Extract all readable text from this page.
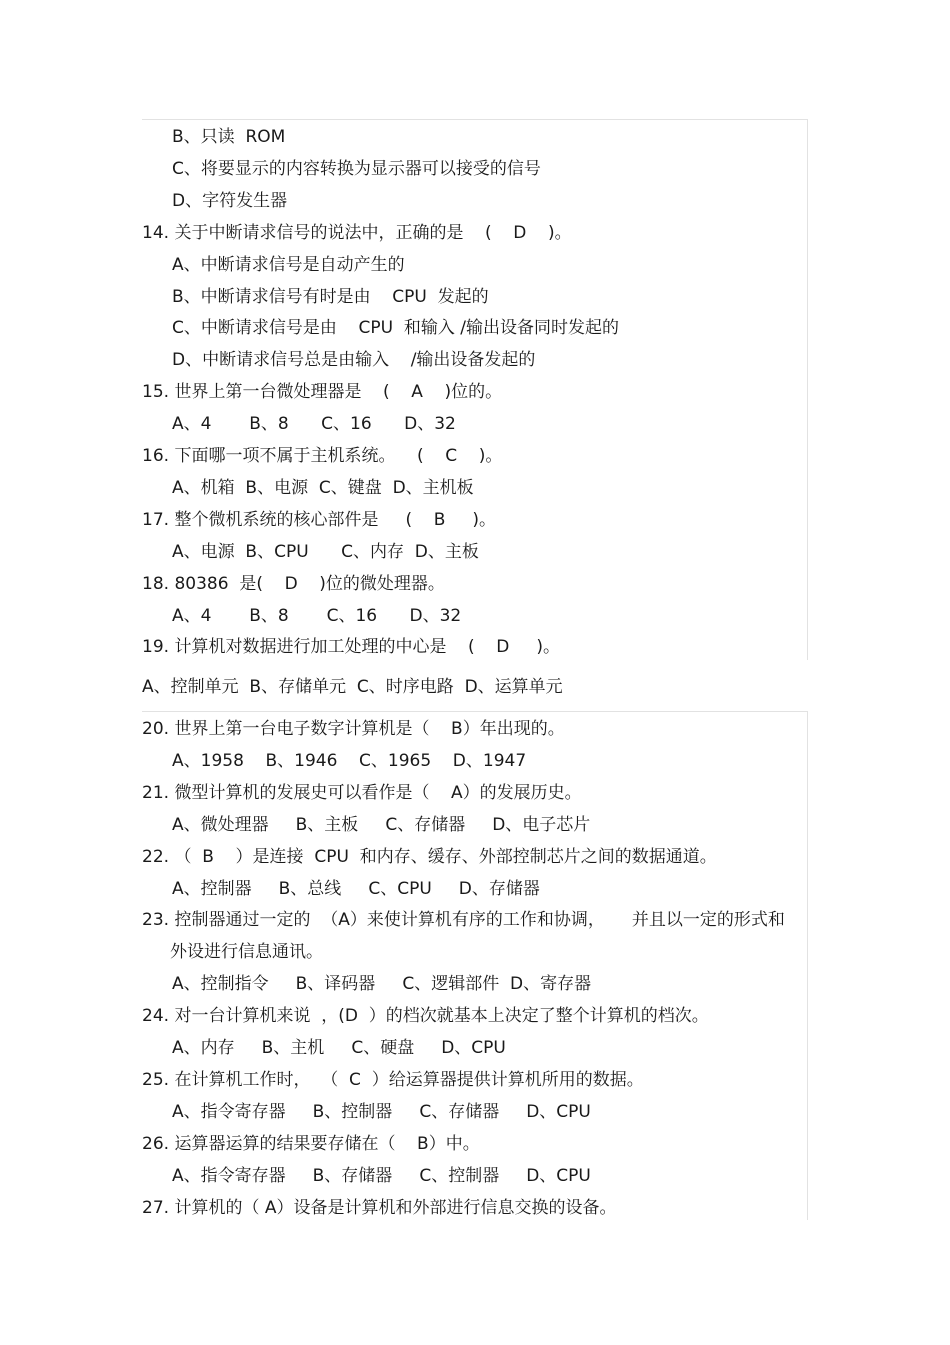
B、只读  ROM
C、将要显示的内容转换为显示器可以接受的信号
D、字符发生器
14. 关于中断请求信号的说法中，正确的是    (    D    )。
A、中断请求信号是自动产生的
B、中断请求信号有时是由    CPU  发起的
C、中断请求信号是由    CPU  和输入 /输出设备同时发起的
D、中断请求信号总是由输入    /输出设备发起的
15. 世界上第一台微处理器是    (    A    )位的。
A、4       B、8      C、16      D、32
16. 下面哪一项不属于主机系统。    (    C    )。
A、机箱  B、电源  C、键盘  D、主机板
17. 整个微机系统的核心部件是     (    B     )。
A、电源  B、CPU      C、内存  D、主板
18. 80386  是(    D    )位的微处理器。
A、4       B、8       C、16      D、32
19. 计算机对数据进行加工处理的中心是    (    D     )。
A、控制单元  B、存储单元  C、时序电路  D、运算单元
20. 世界上第一台电子数字计算机是（    B）年出现的。
A、1958    B、1946    C、1965    D、1947
21. 微型计算机的发展史可以看作是（    A）的发展历史。
A、微处理器     B、主板     C、存储器     D、电子芯片
22. （  B    ）是连接  CPU  和内存、缓存、外部控制芯片之间的数据通道。
A、控制器     B、总线     C、CPU     D、存储器
23. 控制器通过一定的  （A）来使计算机有序的工作和协调，     并且以一定的形式和
外设进行信息通讯。
A、控制指令     B、译码器     C、逻辑部件  D、寄存器
24. 对一台计算机来说  ，(D  ）的档次就基本上决定了整个计算机的档次。
A、内存     B、主机     C、硬盘     D、CPU
25. 在计算机工作时，  （  C  ）给运算器提供计算机所用的数据。
A、指令寄存器     B、控制器     C、存储器     D、CPU
26. 运算器运算的结果要存储在（    B）中。
A、指令寄存器     B、存储器     C、控制器     D、CPU
27. 计算机的（ A）设备是计算机和外部进行信息交换的设备。
